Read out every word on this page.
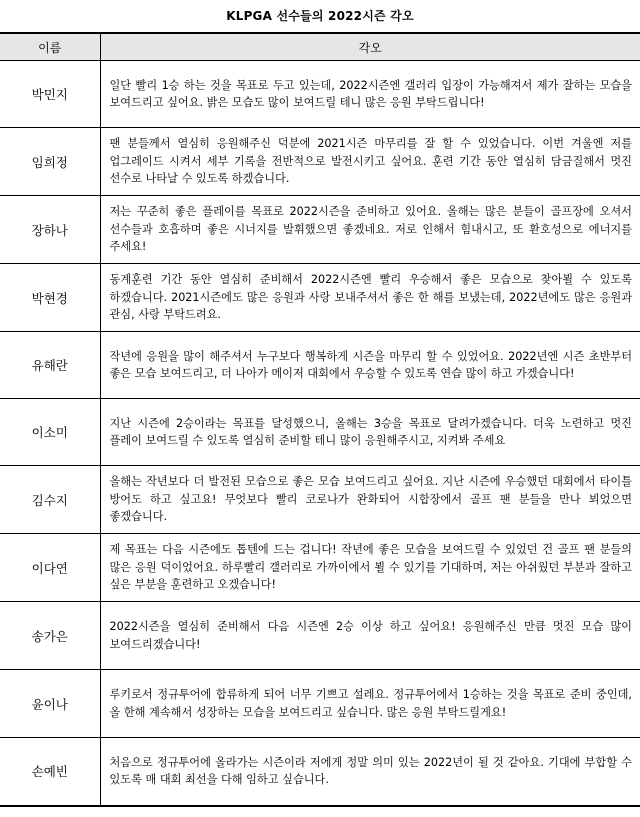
KLPGA 선수들의 2022시즌 각오
이름	각오
박민지	일단 빨리 1승 하는 것을 목표로 두고 있는데, 2022시즌엔 갤러리 입장이 가능해져서 제가 잘하는 모습을 보여드리고 싶어요. 밝은 모습도 많이 보여드릴 테니 많은 응원 부탁드립니다!
임희정	팬 분들께서 열심히 응원해주신 덕분에 2021시즌 마무리를 잘 할 수 있었습니다. 이번 겨울엔 저를 업그레이드 시켜서 세부 기록을 전반적으로 발전시키고 싶어요. 훈련 기간 동안 열심히 담금질해서 멋진 선수로 나타날 수 있도록 하겠습니다.
장하나	저는 꾸준히 좋은 플레이를 목표로 2022시즌을 준비하고 있어요. 올해는 많은 분들이 골프장에 오셔서 선수들과 호흡하며 좋은 시너지를 발휘했으면 좋겠네요. 저로 인해서 힘내시고, 또 환호성으로 에너지를 주세요!
박현경	동계훈련 기간 동안 열심히 준비해서 2022시즌엔 빨리 우승해서 좋은 모습으로 찾아뵐 수 있도록 하겠습니다. 2021시즌에도 많은 응원과 사랑 보내주셔서 좋은 한 해를 보냈는데, 2022년에도 많은 응원과 관심, 사랑 부탁드려요.
유해란	작년에 응원을 많이 해주셔서 누구보다 행복하게 시즌을 마무리 할 수 있었어요. 2022년엔 시즌 초반부터 좋은 모습 보여드리고, 더 나아가 메이저 대회에서 우승할 수 있도록 연습 많이 하고 가겠습니다!
이소미	지난 시즌에 2승이라는 목표를 달성했으니, 올해는 3승을 목표로 달려가겠습니다. 더욱 노련하고 멋진 플레이 보여드릴 수 있도록 열심히 준비할 테니 많이 응원해주시고, 지켜봐 주세요
김수지	올해는 작년보다 더 발전된 모습으로 좋은 모습 보여드리고 싶어요. 지난 시즌에 우승했던 대회에서 타이틀 방어도 하고 싶고요! 무엇보다 빨리 코로나가 완화되어 시합장에서 골프 팬 분들을 만나 뵈었으면 좋겠습니다.
이다연	제 목표는 다음 시즌에도 톱텐에 드는 겁니다! 작년에 좋은 모습을 보여드릴 수 있었던 건 골프 팬 분들의 많은 응원 덕이었어요. 하루빨리 갤러리로 가까이에서 뵐 수 있기를 기대하며, 저는 아쉬웠던 부분과 잘하고 싶은 부분을 훈련하고 오겠습니다!
송가은	2022시즌을 열심히 준비해서 다음 시즌엔 2승 이상 하고 싶어요! 응원해주신 만큼 멋진 모습 많이 보여드리겠습니다!
윤이나	루키로서 정규투어에 합류하게 되어 너무 기쁘고 설레요. 정규투어에서 1승하는 것을 목표로 준비 중인데, 올 한해 계속해서 성장하는 모습을 보여드리고 싶습니다. 많은 응원 부탁드릴게요!
손예빈	처음으로 정규투어에 올라가는 시즌이라 저에게 정말 의미 있는 2022년이 될 것 같아요. 기대에 부합할 수 있도록 매 대회 최선을 다해 임하고 싶습니다.
